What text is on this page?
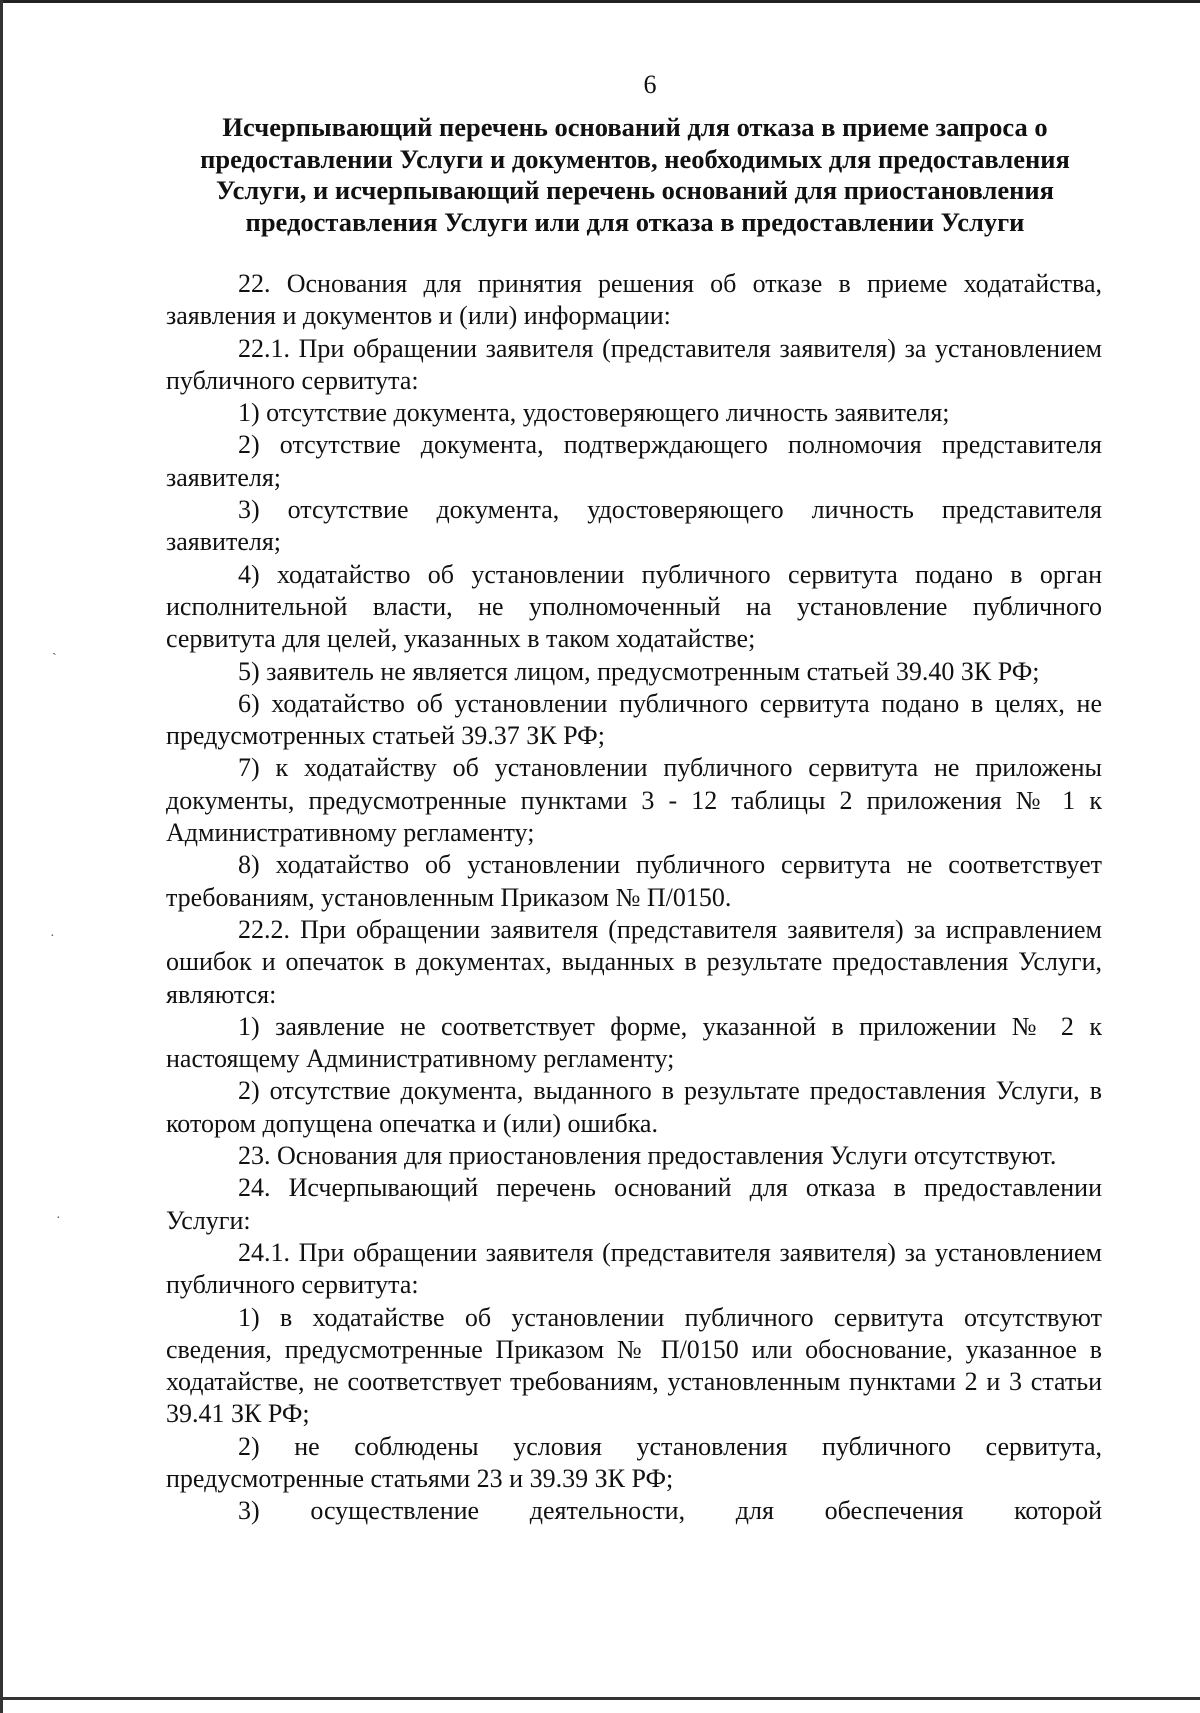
ˏ
·
·
6
Исчерпывающий перечень оснований для отказа в приеме запроса о предоставлении Услуги и документов, необходимых для предоставления Услуги, и исчерпывающий перечень оснований для приостановления предоставления Услуги или для отказа в предоставлении Услуги

22. Основания для принятия решения об отказе в приеме ходатайства, заявления и документов и (или) информации:

22.1. При обращении заявителя (представителя заявителя) за установлением публичного сервитута:

1) отсутствие документа, удостоверяющего личность заявителя;

2) отсутствие документа, подтверждающего полномочия представителя заявителя;

3) отсутствие документа, удостоверяющего личность представителя заявителя;

4) ходатайство об установлении публичного сервитута подано в орган исполнительной власти, не уполномоченный на установление публичного сервитута для целей, указанных в таком ходатайстве;

5) заявитель не является лицом, предусмотренным статьей 39.40 ЗК РФ;

6) ходатайство об установлении публичного сервитута подано в целях, не предусмотренных статьей 39.37 ЗК РФ;

7) к ходатайству об установлении публичного сервитута не приложены документы, предусмотренные пунктами 3 - 12 таблицы 2 приложения № 1 к Административному регламенту;

8) ходатайство об установлении публичного сервитута не соответствует требованиям, установленным Приказом № П/0150.

22.2. При обращении заявителя (представителя заявителя) за исправлением ошибок и опечаток в документах, выданных в результате предоставления Услуги, являются:

1) заявление не соответствует форме, указанной в приложении № 2 к настоящему Административному регламенту;

2) отсутствие документа, выданного в результате предоставления Услуги, в котором допущена опечатка и (или) ошибка.

23. Основания для приостановления предоставления Услуги отсутствуют.

24. Исчерпывающий перечень оснований для отказа в предоставлении Услуги:

24.1. При обращении заявителя (представителя заявителя) за установлением публичного сервитута:

1) в ходатайстве об установлении публичного сервитута отсутствуют сведения, предусмотренные Приказом № П/0150 или обоснование, указанное в ходатайстве, не соответствует требованиям, установленным пунктами 2 и 3 статьи 39.41 ЗК РФ;

2) не соблюдены условия установления публичного сервитута, предусмотренные статьями 23 и 39.39 ЗК РФ;

3) осуществление деятельности, для обеспечения которой
